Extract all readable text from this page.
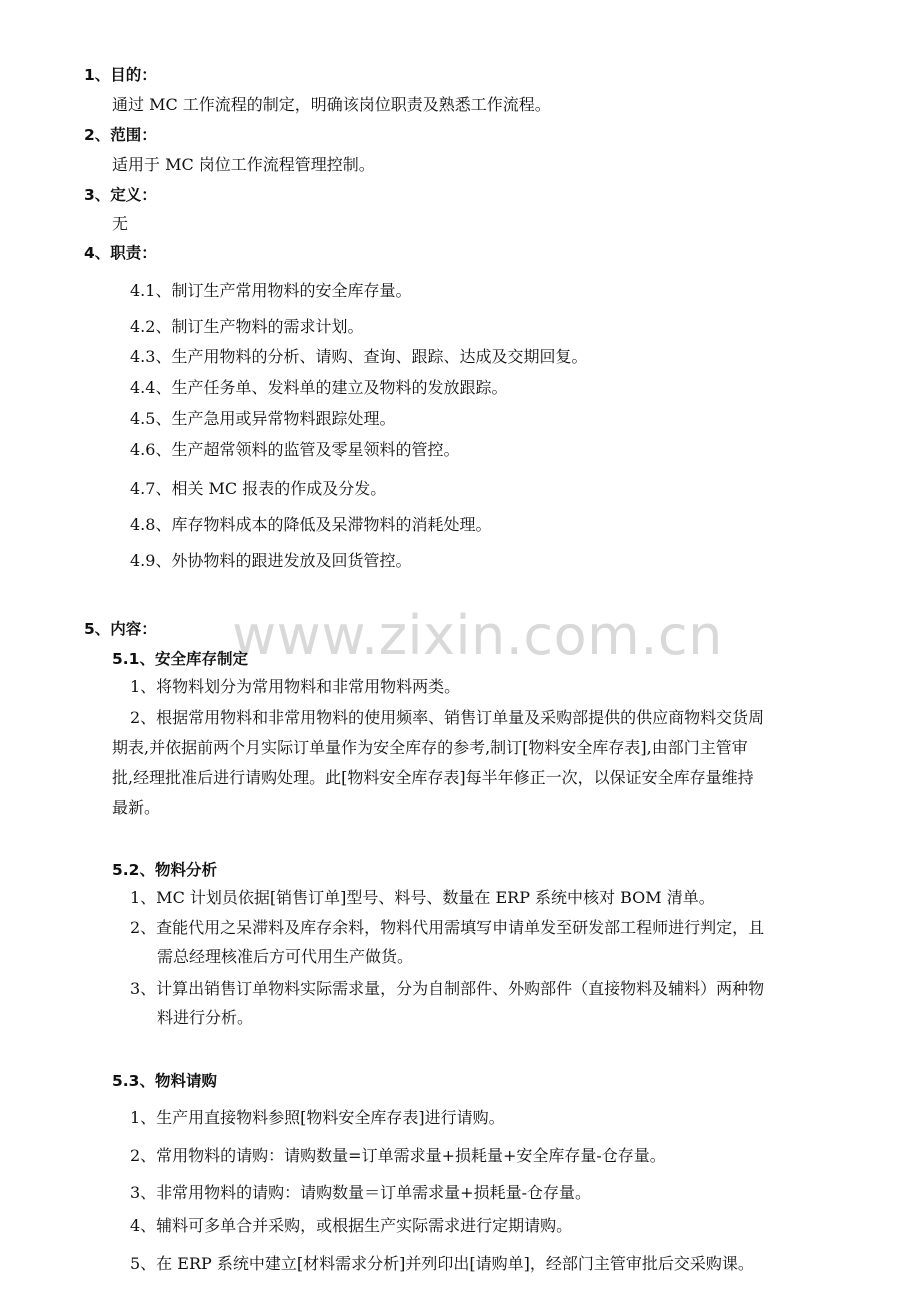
www.zixin.com.cn
1、目的：
通过 MC 工作流程的制定，明确该岗位职责及熟悉工作流程。
2、范围：
适用于 MC 岗位工作流程管理控制。
3、定义：
无
4、职责：
4.1、制订生产常用物料的安全库存量。
4.2、制订生产物料的需求计划。
4.3、生产用物料的分析、请购、查询、跟踪、达成及交期回复。
4.4、生产任务单、发料单的建立及物料的发放跟踪。
4.5、生产急用或异常物料跟踪处理。
4.6、生产超常领料的监管及零星领料的管控。
4.7、相关 MC 报表的作成及分发。
4.8、库存物料成本的降低及呆滞物料的消耗处理。
4.9、外协物料的跟进发放及回货管控。
5、内容：
5.1、安全库存制定
1、将物料划分为常用物料和非常用物料两类。
2、根据常用物料和非常用物料的使用频率、销售订单量及采购部提供的供应商物料交货周
期表,并依据前两个月实际订单量作为安全库存的参考,制订[物料安全库存表],由部门主管审
批,经理批准后进行请购处理。此[物料安全库存表]每半年修正一次，以保证安全库存量维持
最新。
5.2、物料分析
1、MC 计划员依据[销售订单]型号、料号、数量在 ERP 系统中核对 BOM 清单。
2、查能代用之呆滞料及库存余料，物料代用需填写申请单发至研发部工程师进行判定，且
需总经理核准后方可代用生产做货。
3、计算出销售订单物料实际需求量，分为自制部件、外购部件（直接物料及辅料）两种物
料进行分析。
5.3、物料请购
1、生产用直接物料参照[物料安全库存表]进行请购。
2、常用物料的请购：请购数量=订单需求量+损耗量+安全库存量-仓存量。
3、非常用物料的请购：请购数量＝订单需求量+损耗量-仓存量。
4、辅料可多单合并采购，或根据生产实际需求进行定期请购。
5、在 ERP 系统中建立[材料需求分析]并列印出[请购单]，经部门主管审批后交采购课。
